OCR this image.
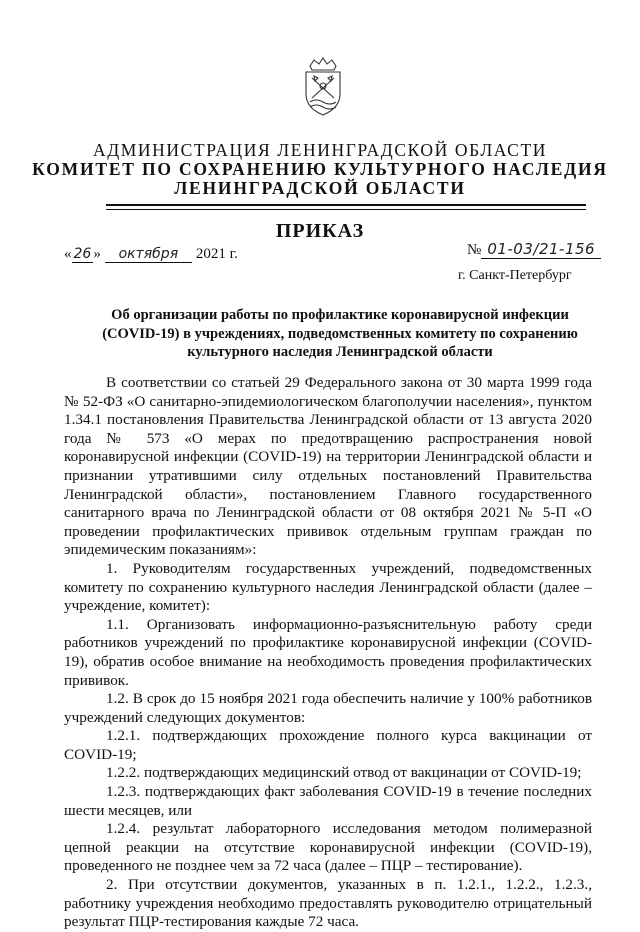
АДМИНИСТРАЦИЯ ЛЕНИНГРАДСКОЙ ОБЛАСТИ
КОМИТЕТ ПО СОХРАНЕНИЮ КУЛЬТУРНОГО НАСЛЕДИЯ
ЛЕНИНГРАДСКОЙ ОБЛАСТИ
ПРИКАЗ
« 26 » октября 2021 г.	№ 01-03/21-156
г. Санкт-Петербург
Об организации работы по профилактике коронавирусной инфекции (COVID-19) в учреждениях, подведомственных комитету по сохранению культурного наследия Ленинградской области

В соответствии со статьей 29 Федерального закона от 30 марта 1999 года № 52-ФЗ «О санитарно-эпидемиологическом благополучии населения», пунктом 1.34.1 постановления Правительства Ленинградской области от 13 августа 2020 года № 573 «О мерах по предотвращению распространения новой коронавирусной инфекции (COVID-19) на территории Ленинградской области и признании утратившими силу отдельных постановлений Правительства Ленинградской области», постановлением Главного государственного санитарного врача по Ленинградской области от 08 октября 2021 № 5-П «О проведении профилактических прививок отдельным группам граждан по эпидемическим показаниям»:

1. Руководителям государственных учреждений, подведомственных комитету по сохранению культурного наследия Ленинградской области (далее – учреждение, комитет):

1.1. Организовать информационно-разъяснительную работу среди работников учреждений по профилактике коронавирусной инфекции (COVID-19), обратив особое внимание на необходимость проведения профилактических прививок.

1.2. В срок до 15 ноября 2021 года обеспечить наличие у 100% работников учреждений следующих документов:

1.2.1. подтверждающих прохождение полного курса вакцинации от COVID-19;

1.2.2. подтверждающих медицинский отвод от вакцинации от COVID-19;

1.2.3. подтверждающих факт заболевания COVID-19 в течение последних шести месяцев, или

1.2.4. результат лабораторного исследования методом полимеразной цепной реакции на отсутствие коронавирусной инфекции (COVID-19), проведенного не позднее чем за 72 часа (далее – ПЦР – тестирование).

2. При отсутствии документов, указанных в п. 1.2.1., 1.2.2., 1.2.3., работнику учреждения необходимо предоставлять руководителю отрицательный результат ПЦР-тестирования каждые 72 часа.
